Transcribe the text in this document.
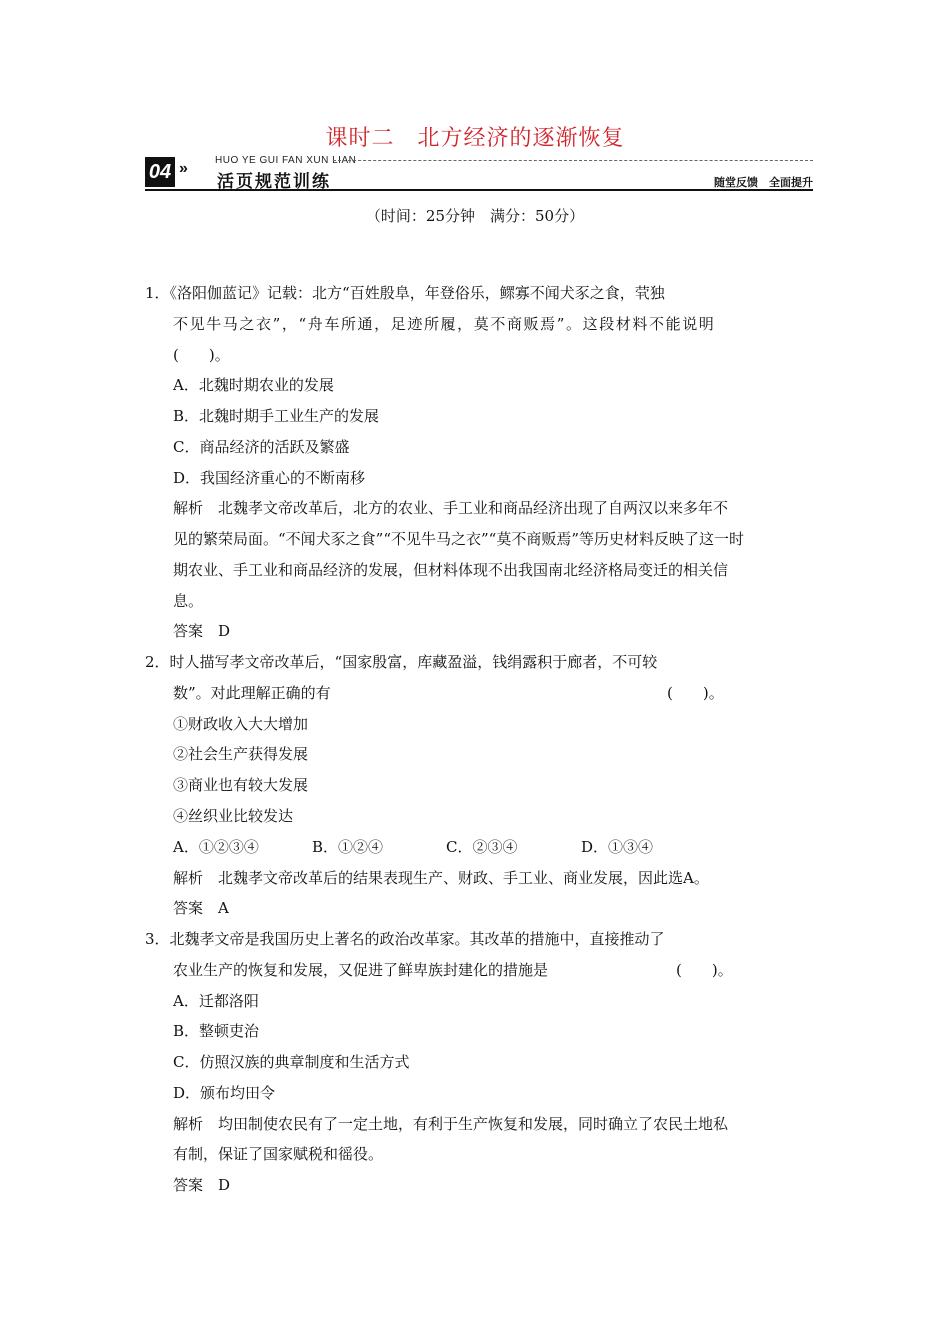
课时二　北方经济的逐渐恢复
04 »	HUO YE GUI FAN XUN LIAN
活页规范训练	随堂反馈　全面提升
（时间：25分钟　满分：50分）
1．《洛阳伽蓝记》记载：北方“百姓殷阜，年登俗乐，鳏寡不闻犬豕之食，茕独
不见牛马之衣”，“舟车所通，足迹所履，莫不商贩焉”。这段材料不能说明
(　　)。
A．北魏时期农业的发展
B．北魏时期手工业生产的发展
C．商品经济的活跃及繁盛
D．我国经济重心的不断南移
解析　北魏孝文帝改革后，北方的农业、手工业和商品经济出现了自两汉以来多年不
见的繁荣局面。“不闻犬豕之食”“不见牛马之衣”“莫不商贩焉”等历史材料反映了这一时
期农业、手工业和商品经济的发展，但材料体现不出我国南北经济格局变迁的相关信
息。
答案　D
2．时人描写孝文帝改革后，“国家殷富，库藏盈溢，钱绢露积于廊者，不可较
数”。对此理解正确的有	(　　)。
①财政收入大大增加
②社会生产获得发展
③商业也有较大发展
④丝织业比较发达
A．①②③④	B．①②④	C．②③④	D．①③④
解析　北魏孝文帝改革后的结果表现生产、财政、手工业、商业发展，因此选A。
答案　A
3．北魏孝文帝是我国历史上著名的政治改革家。其改革的措施中，直接推动了
农业生产的恢复和发展，又促进了鲜卑族封建化的措施是	(　　)。
A．迁都洛阳
B．整顿吏治
C．仿照汉族的典章制度和生活方式
D．颁布均田令
解析　均田制使农民有了一定土地，有利于生产恢复和发展，同时确立了农民土地私
有制，保证了国家赋税和徭役。
答案　D
